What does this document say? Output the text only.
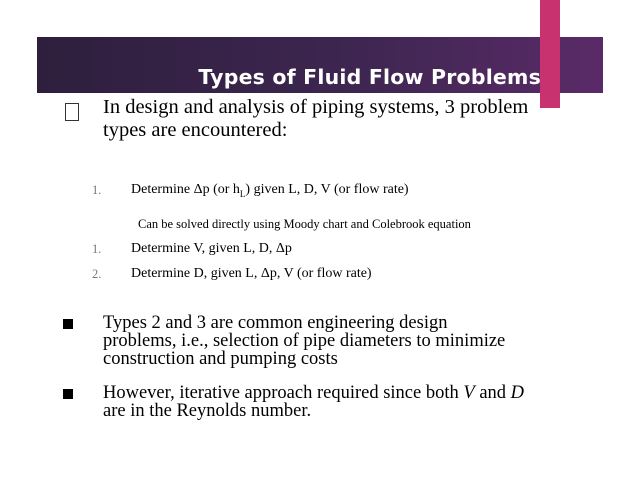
Types of Fluid Flow Problems
In design and analysis of piping systems, 3 problem types are encountered:
1. Determine Δp (or $h_L$) given L, D, V (or flow rate)
Can be solved directly using Moody chart and Colebrook equation
1. Determine V, given L, D, Δp
2. Determine D, given L, Δp, V (or flow rate)
Types 2 and 3 are common engineering design
problems, i.e., selection of pipe diameters to minimize
construction and pumping costs
However, iterative approach required since both V and D
are in the Reynolds number.
